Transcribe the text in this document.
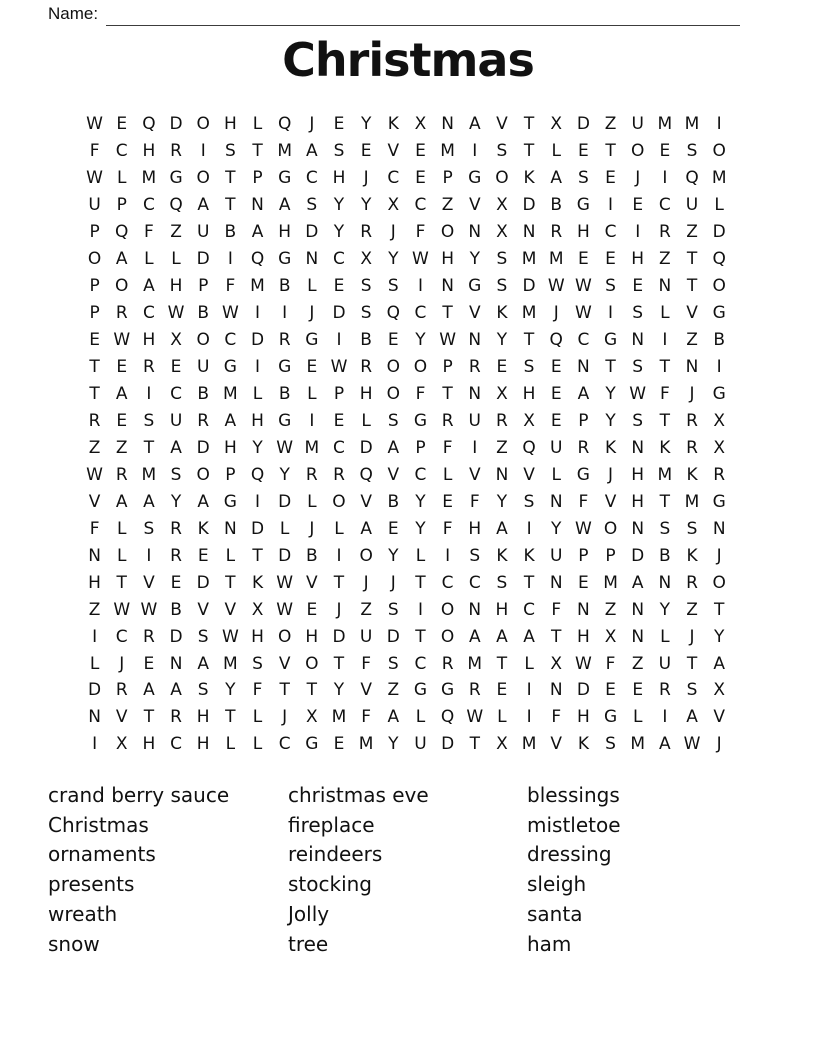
Name:
Christmas
W E Q D O H L Q	J	E Y K X N A V T X D Z U M M	I
F C H R	I	S T M A S E V E M	I	S T	L	E T O E S O
W L M G O T P G C H	J	C E P G O K A S E	J	I	Q M
U P C Q A T N A S Y Y X C Z V X D B G	I	E C U L
P Q F Z U B A H D Y R	J	F O N X N R H C	I	R Z D
O A L	L D	I	Q G N C X Y W H Y S M M E E H Z T Q
P O A H P	F M B L	E S S	I	N G S D W W S E N T O
P R C W B W I	I	J	D S Q C T V K M	J W I	S	L V G
E W H X O C D R G	I	B E Y W N Y T Q C G N	I	Z B
T E R E U G	I	G E W R O O P R E S E N T S T N	I
T A	I	C B M L B L	P H O F	T N X H E A Y W F	J	G
R E S U R A H G	I	E	L	S G R U R X E P Y S T R X
Z Z T A D H Y W M C D A P	F	I	Z Q U R K N K R X
W R M S O P Q Y R R Q V C L V N V L G	J	H M K R
V A A Y A G	I	D L O V B Y E F	Y S N F V H T M G
F	L	S R K N D L	J	L A E Y	F H A	I	Y W O N S S N
N L	I	R E	L	T D B	I	O Y	L	I	S K K U P P D B K	J
H T V E D T K W V T	J	J	T C C S T N E M A N R O
Z W W B V V X W E	J	Z S	I	O N H C F N Z N Y Z T
I	C R D S W H O H D U D T O A A A T H X N L	J	Y
L	J	E N A M S V O T	F S C R M T	L X W F Z U T A
D R A A S Y	F	T T Y V Z G G R E	I	N D E E R S X
N V T R H T	L	J	X M F A L Q W L	I	F H G L	I	A V
I	X H C H L	L C G E M Y U D T X M V K S M A W J
crand berry sauce
Christmas
ornaments
presents
wreath
snow
christmas eve
fireplace
reindeers
stocking
Jolly
tree
blessings
mistletoe
dressing
sleigh
santa
ham
